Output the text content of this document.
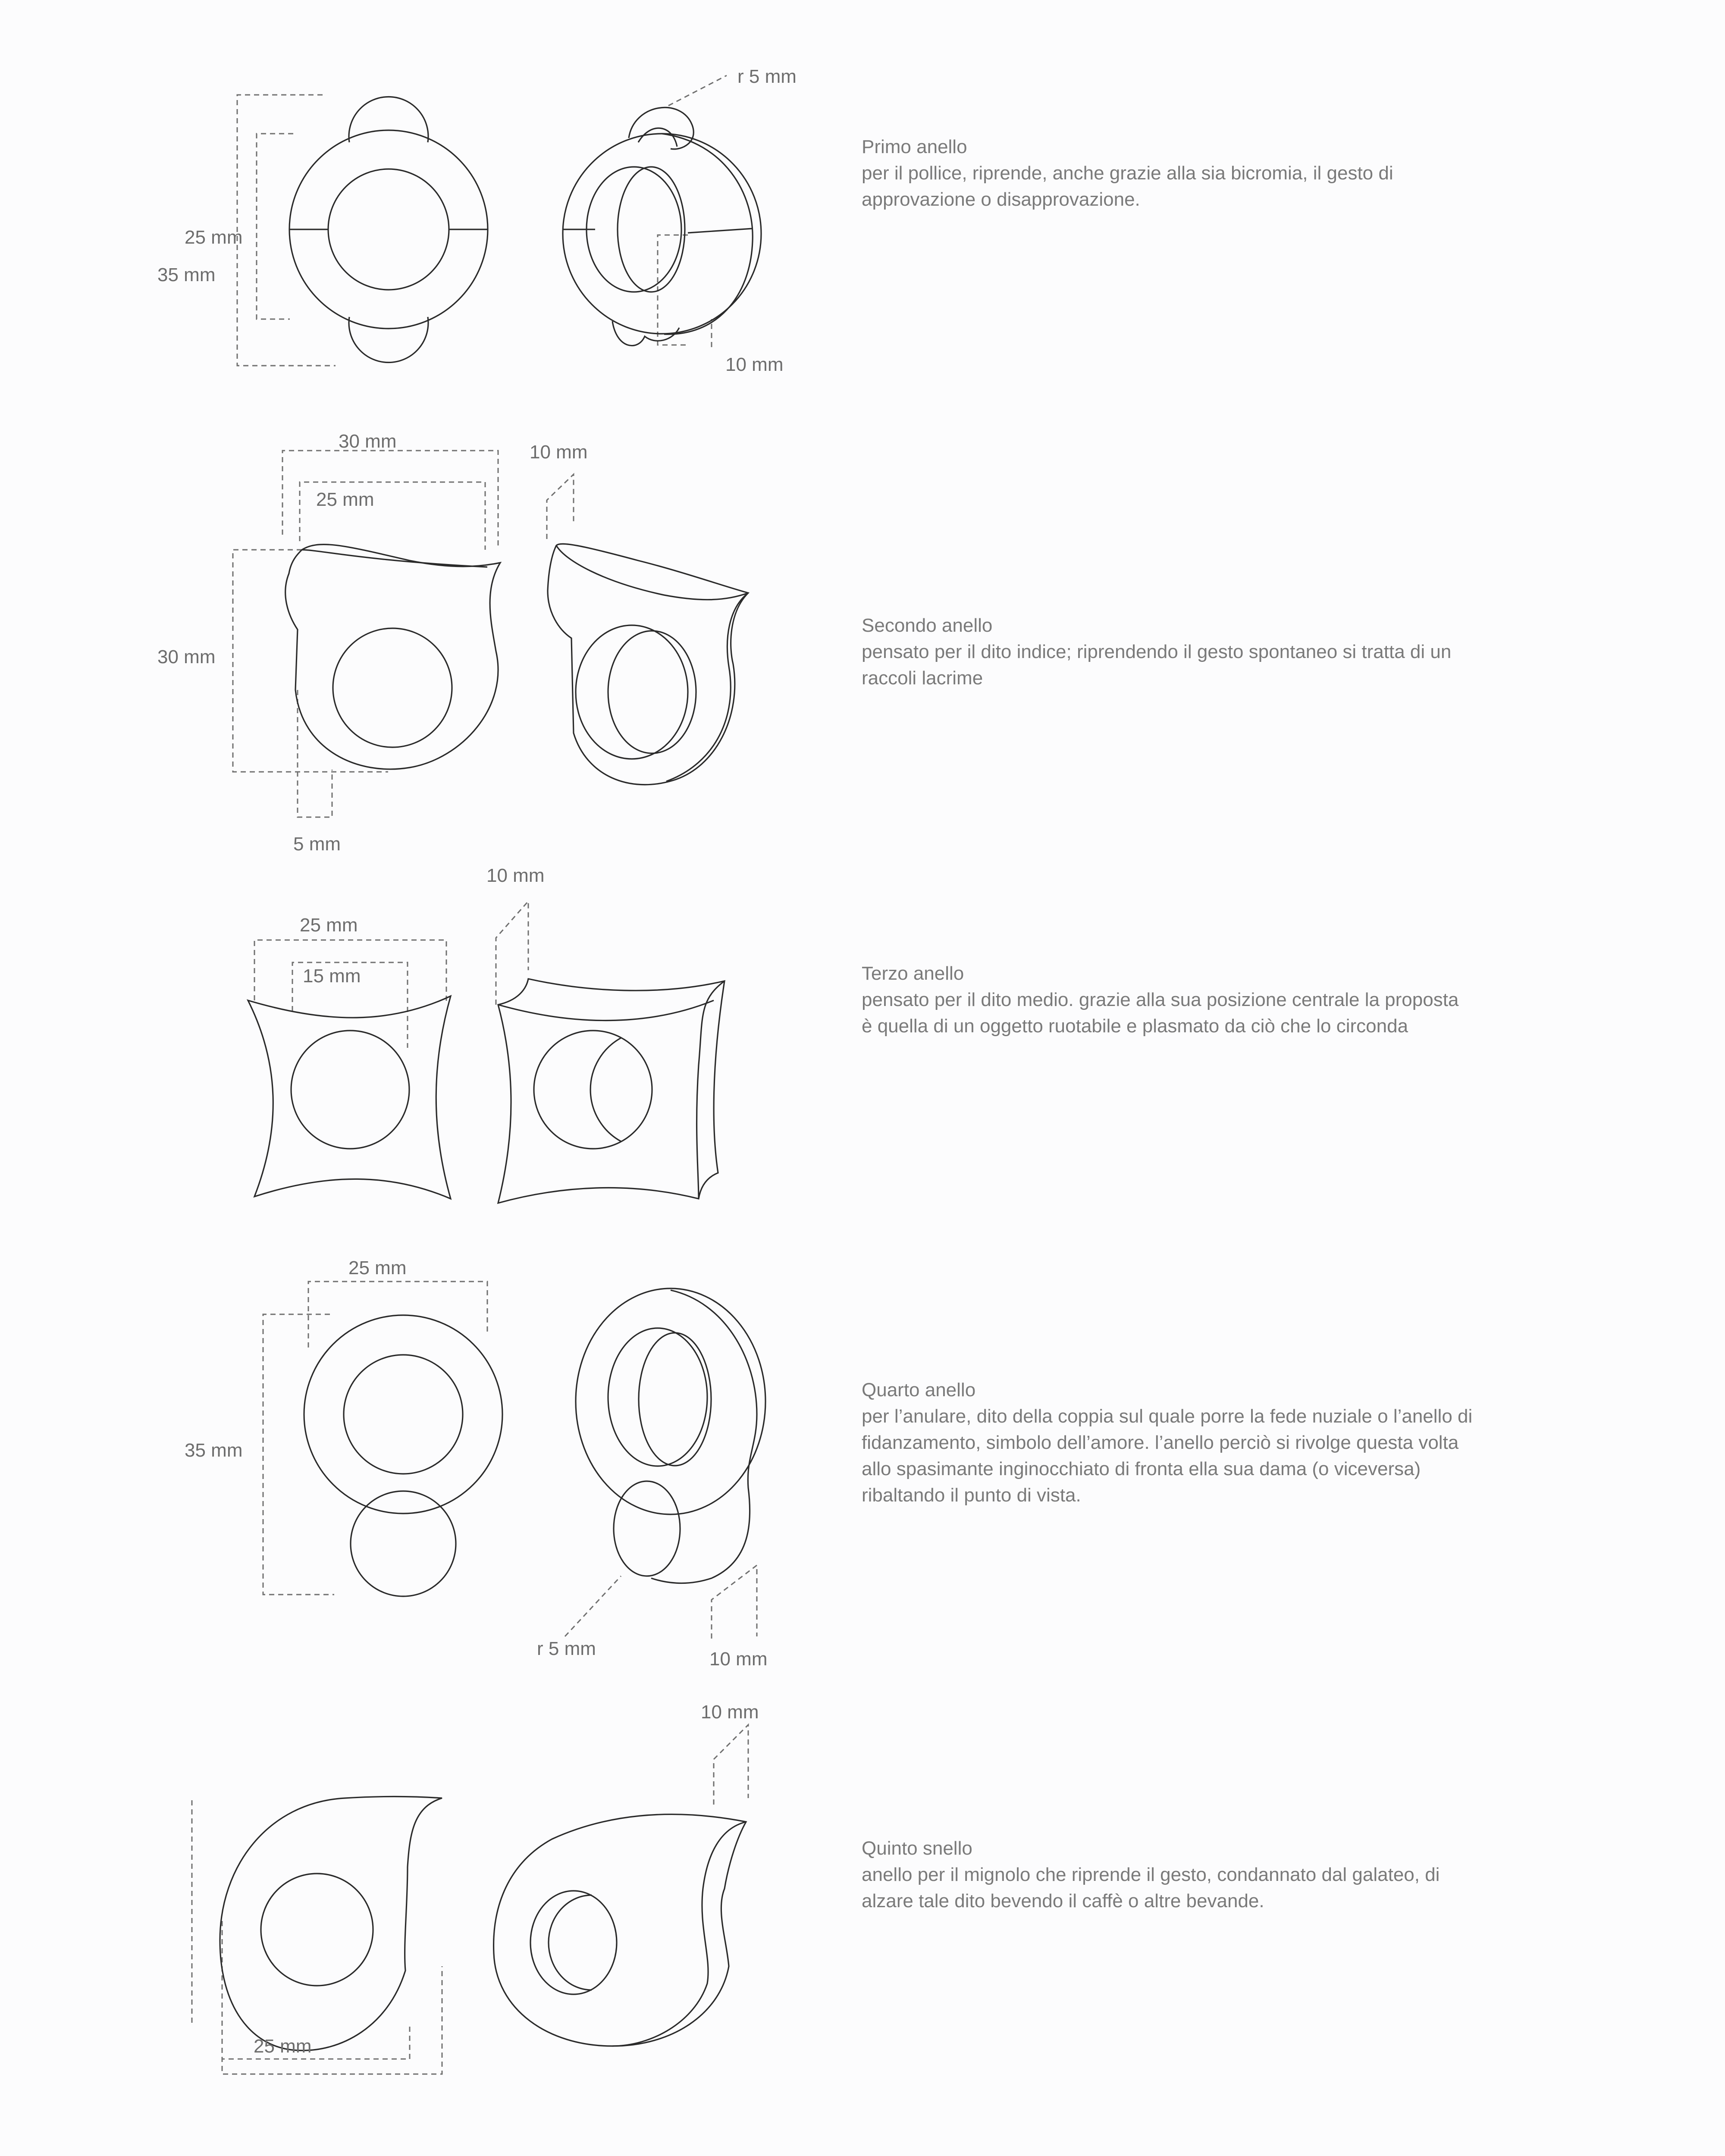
25 mm
35 mm
r 5 mm
10 mm
30 mm
25 mm
10 mm
30 mm
5 mm
10 mm
25 mm
15 mm
25 mm
35 mm
r 5 mm	10 mm
10 mm
25 mm
Primo anello
per il pollice, riprende, anche grazie alla sia bicromia, il gesto di approvazione o disapprovazione.
Secondo anello
pensato per il dito indice; riprendendo il gesto spontaneo si tratta di un raccoli lacrime
Terzo anello
pensato per il dito medio. grazie alla sua posizione centrale la proposta è quella di un oggetto ruotabile e plasmato da ciò che lo circonda
Quarto anello
per l’anulare, dito della coppia sul quale porre la fede nuziale o l’anello di fidanzamento, simbolo dell’amore. l’anello perciò si rivolge questa volta allo spasimante inginocchiato di fronta ella sua dama (o viceversa) ribaltando il punto di vista.
Quinto snello
anello per il mignolo che riprende il gesto, condannato dal galateo, di alzare tale dito bevendo il caffè o altre bevande.
